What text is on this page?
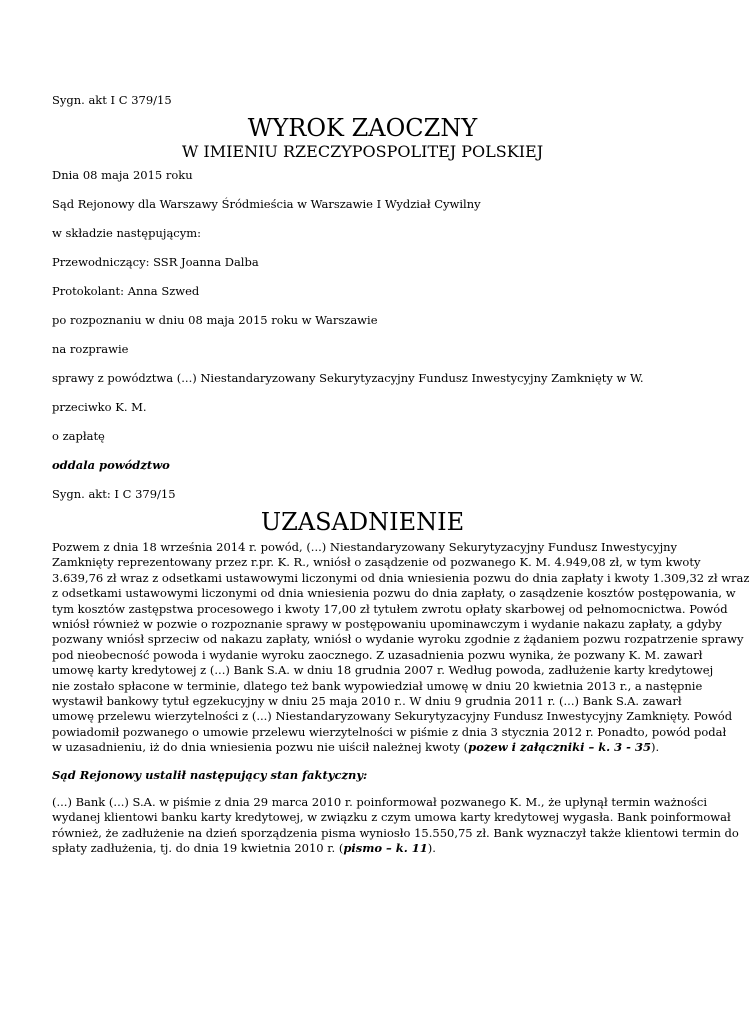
Sygn. akt I C 379/15

WYROK ZAOCZNY
W IMIENIU RZECZYPOSPOLITEJ POLSKIEJ

Dnia 08 maja 2015 roku

Sąd Rejonowy dla Warszawy Śródmieścia w Warszawie I Wydział Cywilny

w składzie następującym:

Przewodniczący: SSR Joanna Dalba

Protokolant: Anna Szwed

po rozpoznaniu w dniu 08 maja 2015 roku w Warszawie

na rozprawie

sprawy z powództwa (...) Niestandaryzowany Sekurytyzacyjny Fundusz Inwestycyjny Zamknięty w W.

przeciwko K. M.

o zapłatę

oddala powództwo

Sygn. akt: I C 379/15

UZASADNIENIE
Pozwem z dnia 18 września 2014 r. powód, (...) Niestandaryzowany Sekurytyzacyjny Fundusz Inwestycyjny
Zamknięty reprezentowany przez r.pr. K. R., wniósł o zasądzenie od pozwanego K. M. 4.949,08 zł, w tym kwoty
3.639,76 zł wraz z odsetkami ustawowymi liczonymi od dnia wniesienia pozwu do dnia zapłaty i kwoty 1.309,32 zł wraz
z odsetkami ustawowymi liczonymi od dnia wniesienia pozwu do dnia zapłaty, o zasądzenie kosztów postępowania, w
tym kosztów zastępstwa procesowego i kwoty 17,00 zł tytułem zwrotu opłaty skarbowej od pełnomocnictwa. Powód
wniósł również w pozwie o rozpoznanie sprawy w postępowaniu upominawczym i wydanie nakazu zapłaty, a gdyby
pozwany wniósł sprzeciw od nakazu zapłaty, wniósł o wydanie wyroku zgodnie z żądaniem pozwu rozpatrzenie sprawy
pod nieobecność powoda i wydanie wyroku zaocznego. Z uzasadnienia pozwu wynika, że pozwany K. M. zawarł
umowę karty kredytowej z (...) Bank S.A. w dniu 18 grudnia 2007 r. Według powoda, zadłużenie karty kredytowej
nie zostało spłacone w terminie, dlatego też bank wypowiedział umowę w dniu 20 kwietnia 2013 r., a następnie
wystawił bankowy tytuł egzekucyjny w dniu 25 maja 2010 r.. W dniu 9 grudnia 2011 r. (...) Bank S.A. zawarł
umowę przelewu wierzytelności z (...) Niestandaryzowany Sekurytyzacyjny Fundusz Inwestycyjny Zamknięty. Powód
powiadomił pozwanego o umowie przelewu wierzytelności w piśmie z dnia 3 stycznia 2012 r. Ponadto, powód podał
w uzasadnieniu, iż do dnia wniesienia pozwu nie uiścił należnej kwoty (pozew i załączniki – k. 3 - 35).

Sąd Rejonowy ustalił następujący stan faktyczny:

(...) Bank (...) S.A. w piśmie z dnia 29 marca 2010 r. poinformował pozwanego K. M., że upłynął termin ważności
wydanej klientowi banku karty kredytowej, w związku z czym umowa karty kredytowej wygasła. Bank poinformował
również, że zadłużenie na dzień sporządzenia pisma wyniosło 15.550,75 zł. Bank wyznaczył także klientowi termin do
spłaty zadłużenia, tj. do dnia 19 kwietnia 2010 r. (pismo – k. 11).
